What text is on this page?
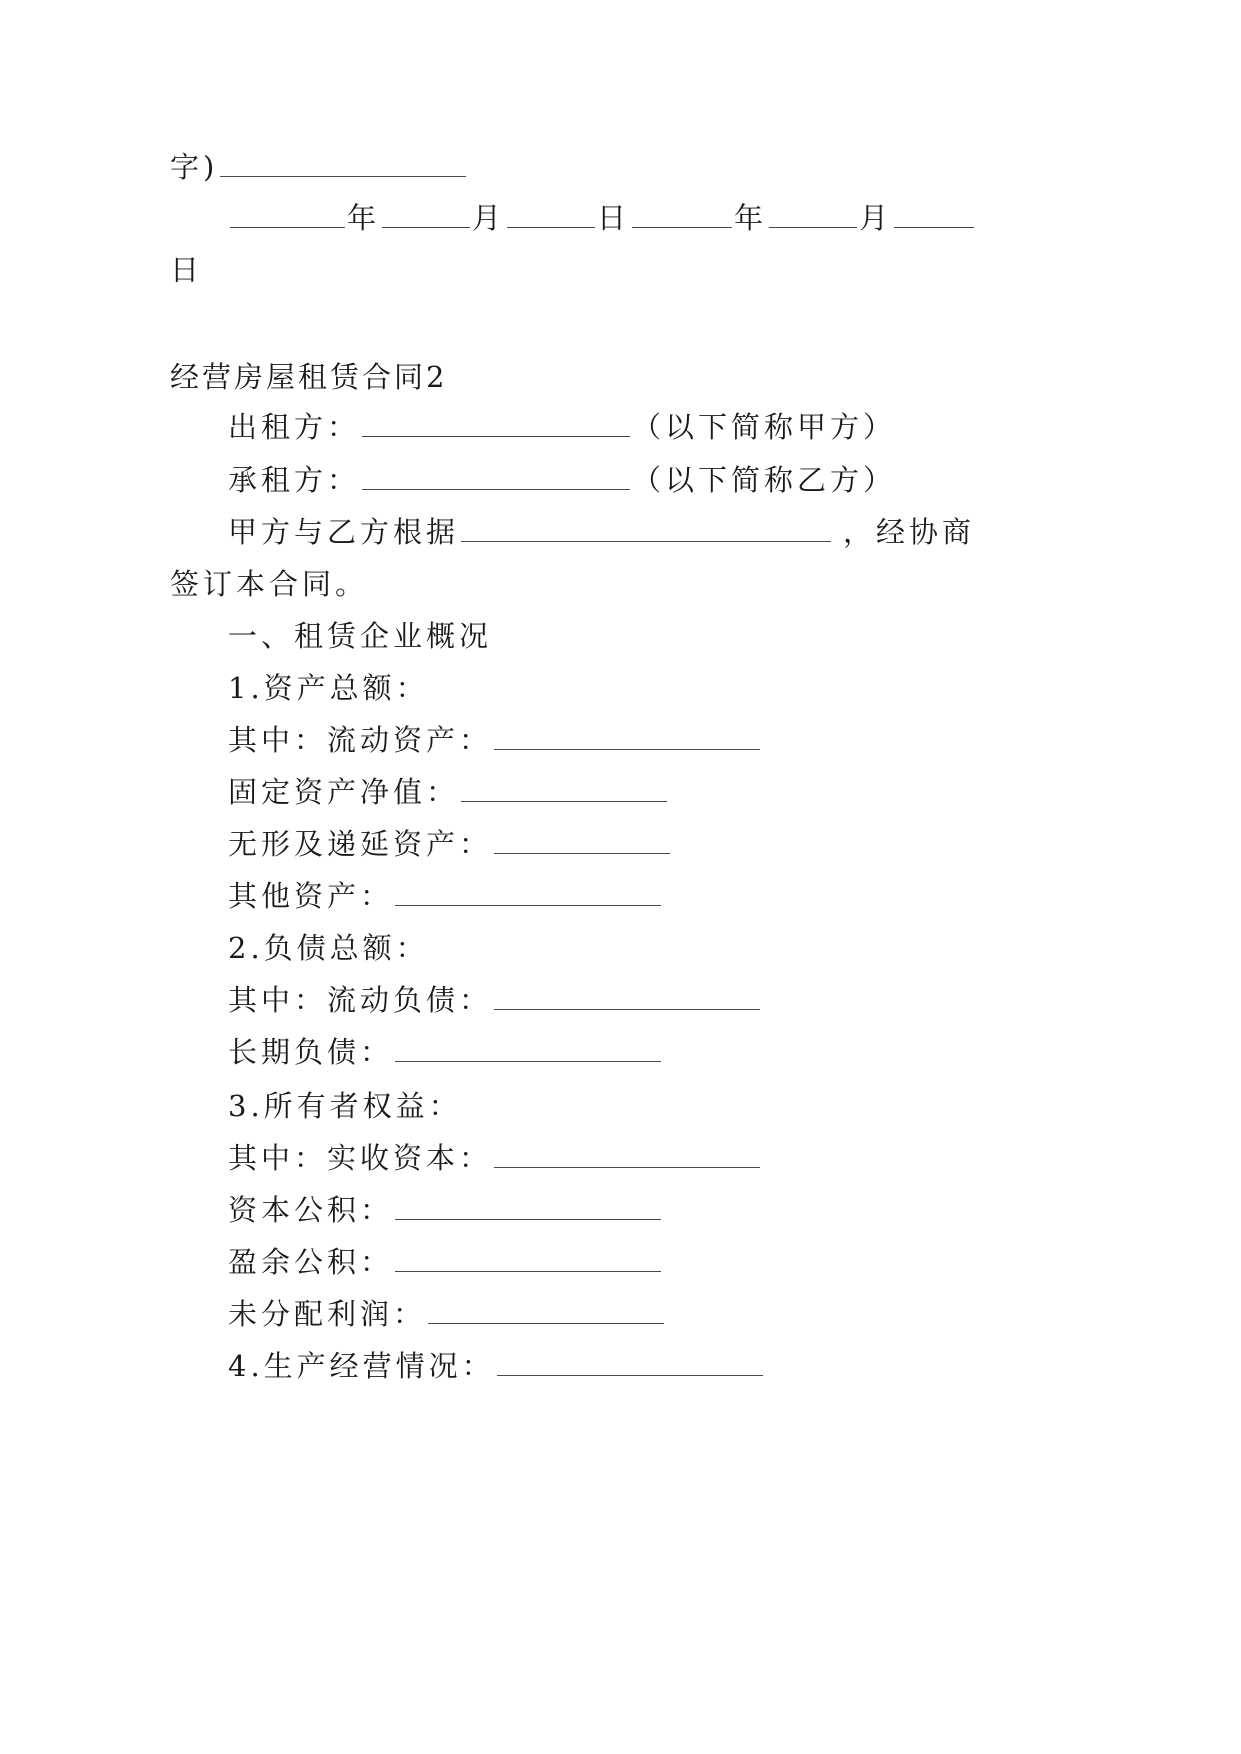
字)
年	月	日	年	月
日
经营房屋租赁合同2
出租方：	（以下简称甲方）
承租方：	（以下简称乙方）
甲方与乙方根据	，经协商
签订本合同。
一、租赁企业概况
1.资产总额：
其中：流动资产：
固定资产净值：
无形及递延资产：
其他资产：
2.负债总额：
其中：流动负债：
长期负债：
3.所有者权益：
其中：实收资本：
资本公积：
盈余公积：
未分配利润：
4.生产经营情况：
